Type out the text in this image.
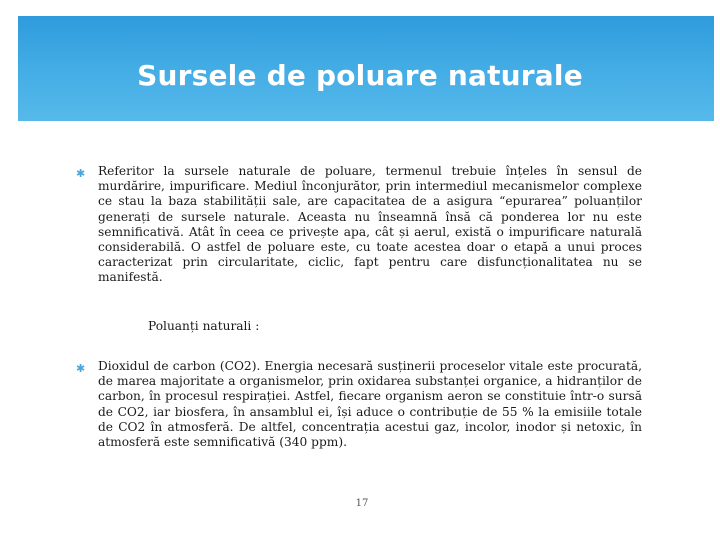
Sursele de poluare naturale
✱ Referitor la sursele naturale de poluare, termenul trebuie înțeles în sensul de murdărire, impurificare. Mediul înconjurător, prin intermediul mecanismelor complexe ce stau la baza stabilității sale, are capacitatea de a asigura “epurarea” poluanților generați de sursele naturale. Aceasta nu înseamnă însă că ponderea lor nu este semnificativă. Atât în ceea ce privește apa, cât și aerul, există o impurificare naturală considerabilă. O astfel de poluare este, cu toate acestea doar o etapă a unui proces caracterizat prin circularitate, ciclic, fapt pentru care disfuncționalitatea nu se manifestă.

Poluanți naturali :

✱ Dioxidul de carbon (CO2). Energia necesară susținerii proceselor vitale este procurată, de marea majoritate a organismelor, prin oxidarea substanței organice, a hidranților de carbon, în procesul respirației. Astfel, fiecare organism aeron se constituie într-o sursă de CO2, iar biosfera, în ansamblul ei, își aduce o contribuție de 55 % la emisiile totale de CO2 în atmosferă. De altfel, concentrația acestui gaz, incolor, inodor și netoxic, în atmosferă este semnificativă (340 ppm).

17
